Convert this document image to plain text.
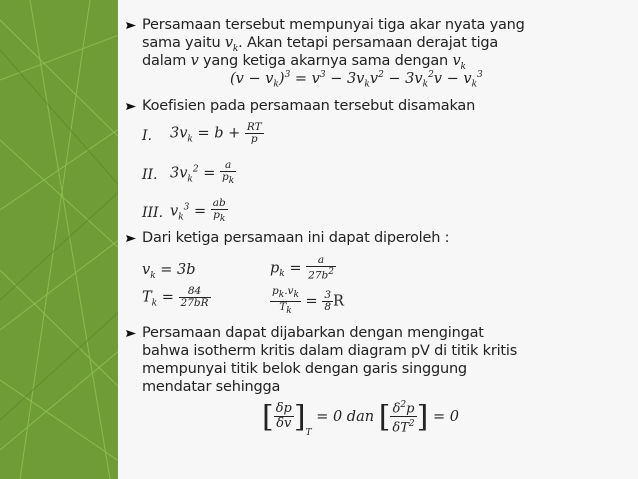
Persamaan tersebut mempunyai tiga akar nyata yang
sama yaitu $v_k$. Akan tetapi persamaan derajat tiga
dalam v yang ketiga akarnya sama dengan $v_k$
$(v - v_k)^3 = v^3 - 3v_kv^2 - 3v_k^2v - v_k^3$
Koefisien pada persamaan tersebut disamakan
I. $3v_k = b + \frac{RT}{p}$
II. $3v_k^2 = \frac{a}{p_k}$
III. $v_k^3 = \frac{ab}{p_k}$
Dari ketiga persamaan ini dapat diperoleh :
$v_k = 3b$	$p_k = \frac{a}{27b^2}$
$T_k = \frac{84}{27bR}$	$\frac{p_k.v_k}{T_k} = \frac{3}{8}$ R
Persamaan dapat dijabarkan dengan mengingat
bahwa isotherm kritis dalam diagram pV di titik kritis
mempunyai titik belok dengan garis singgung
mendatar sehingga
[ $\frac{\delta p}{\delta v} ]_T = 0$ dan [ $\frac{\delta^2p}{\delta T^2}$ ] = 0
